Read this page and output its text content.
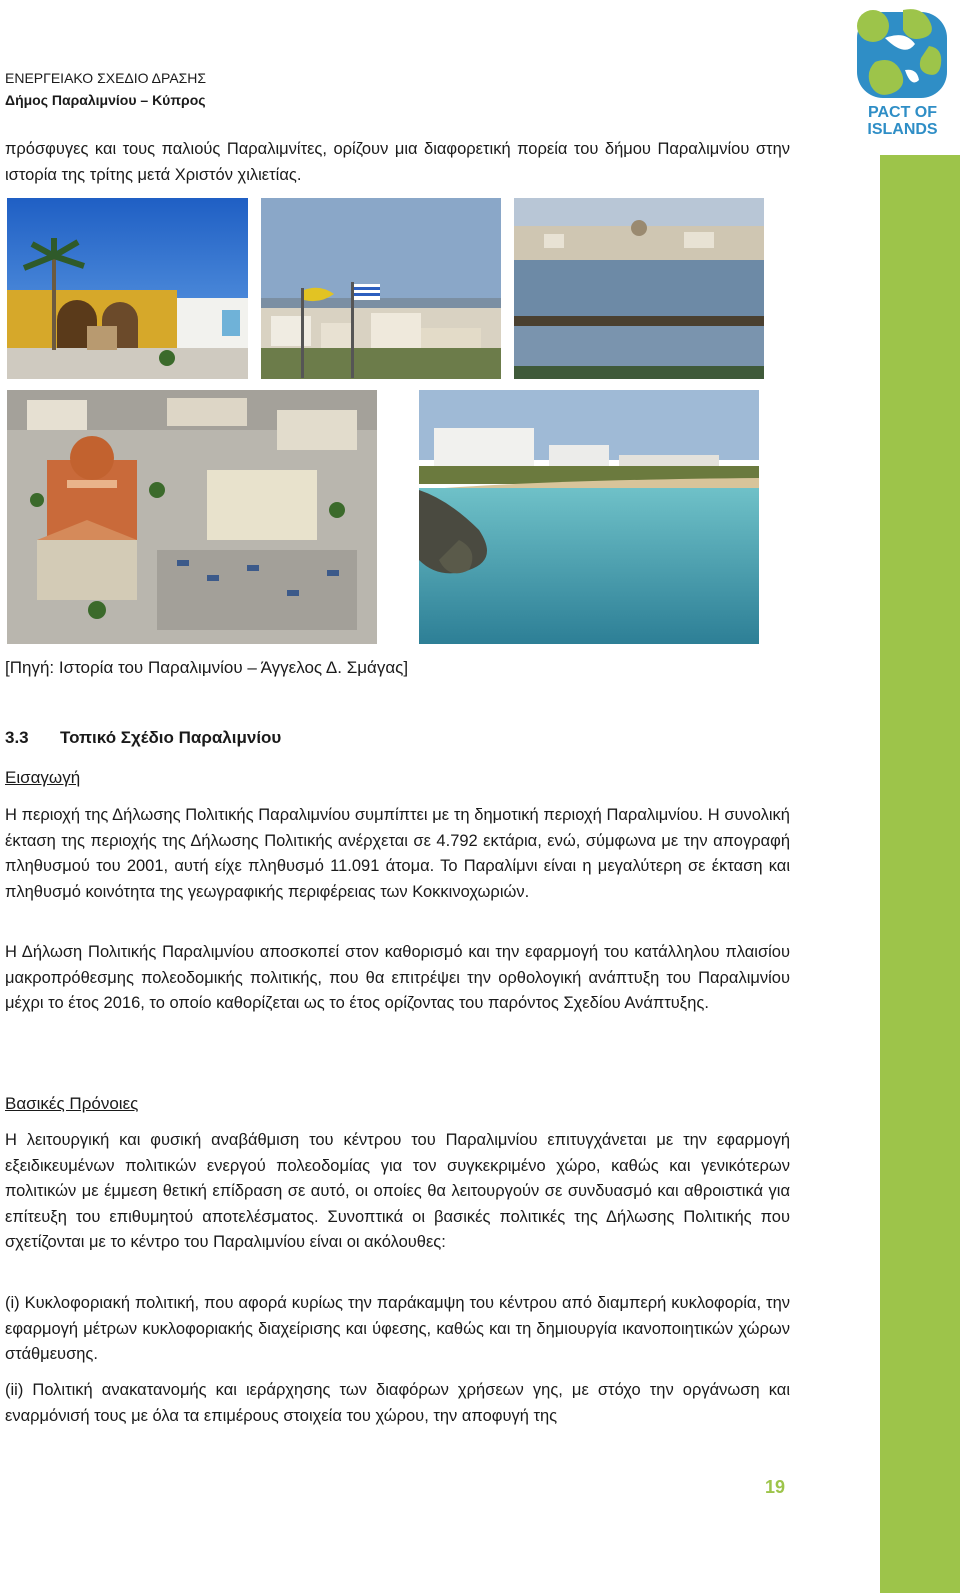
ΕΝΕΡΓΕΙΑΚΟ ΣΧΕΔΙΟ ΔΡΑΣΗΣ
Δήμος Παραλιμνίου – Κύπρος
PACT OF
ISLANDS
πρόσφυγες και τους παλιούς Παραλιμνίτες, ορίζουν μια διαφορετική πορεία του δήμου Παραλιμνίου στην ιστορία της τρίτης μετά Χριστόν χιλιετίας.
[Πηγή: Ιστορία του Παραλιμνίου – Άγγελος Δ. Σμάγας]
3.3 Τοπικό Σχέδιο Παραλιμνίου
Εισαγωγή
Η περιοχή της Δήλωσης Πολιτικής Παραλιμνίου συμπίπτει με τη δημοτική περιοχή Παραλιμνίου. Η συνολική έκταση της περιοχής της Δήλωσης Πολιτικής ανέρχεται σε 4.792 εκτάρια, ενώ, σύμφωνα με την απογραφή πληθυσμού του 2001, αυτή είχε πληθυσμό 11.091 άτομα. Το Παραλίμνι είναι η μεγαλύτερη σε έκταση και πληθυσμό κοινότητα της γεωγραφικής περιφέρειας των Κοκκινοχωριών.
Η Δήλωση Πολιτικής Παραλιμνίου αποσκοπεί στον καθορισμό και την εφαρμογή του κατάλληλου πλαισίου μακροπρόθεσμης πολεοδομικής πολιτικής, που θα επιτρέψει την ορθολογική ανάπτυξη του Παραλιμνίου μέχρι το έτος 2016, το οποίο καθορίζεται ως το έτος ορίζοντας του παρόντος Σχεδίου Ανάπτυξης.
Βασικές Πρόνοιες
Η λειτουργική και φυσική αναβάθμιση του κέντρου του Παραλιμνίου επιτυγχάνεται με την εφαρμογή εξειδικευμένων πολιτικών ενεργού πολεοδομίας για τον συγκεκριμένο χώρο, καθώς και γενικότερων πολιτικών με έμμεση θετική επίδραση σε αυτό, οι οποίες θα λειτουργούν σε συνδυασμό και αθροιστικά για επίτευξη του επιθυμητού αποτελέσματος. Συνοπτικά οι βασικές πολιτικές της Δήλωσης Πολιτικής που σχετίζονται με το κέντρο του Παραλιμνίου είναι οι ακόλουθες:
(i) Κυκλοφοριακή πολιτική, που αφορά κυρίως την παράκαμψη του κέντρου από διαμπερή κυκλοφορία, την εφαρμογή μέτρων κυκλοφοριακής διαχείρισης και ύφεσης, καθώς και τη δημιουργία ικανοποιητικών χώρων στάθμευσης.
(ii) Πολιτική ανακατανομής και ιεράρχησης των διαφόρων χρήσεων γης, με στόχο την οργάνωση και εναρμόνισή τους με όλα τα επιμέρους στοιχεία του χώρου, την αποφυγή της
19
